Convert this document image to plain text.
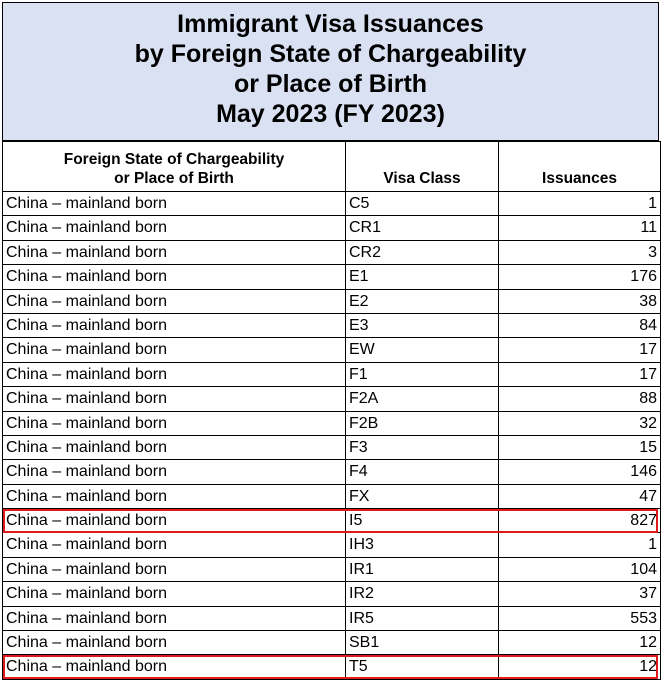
Immigrant Visa Issuances
by Foreign State of Chargeability
or Place of Birth
May 2023 (FY 2023)
Foreign State of Chargeability
or Place of Birth	Visa Class	Issuances
China – mainland born	C5	1
China – mainland born	CR1	11
China – mainland born	CR2	3
China – mainland born	E1	176
China – mainland born	E2	38
China – mainland born	E3	84
China – mainland born	EW	17
China – mainland born	F1	17
China – mainland born	F2A	88
China – mainland born	F2B	32
China – mainland born	F3	15
China – mainland born	F4	146
China – mainland born	FX	47
China – mainland born	I5	827
China – mainland born	IH3	1
China – mainland born	IR1	104
China – mainland born	IR2	37
China – mainland born	IR5	553
China – mainland born	SB1	12
China – mainland born	T5	12
